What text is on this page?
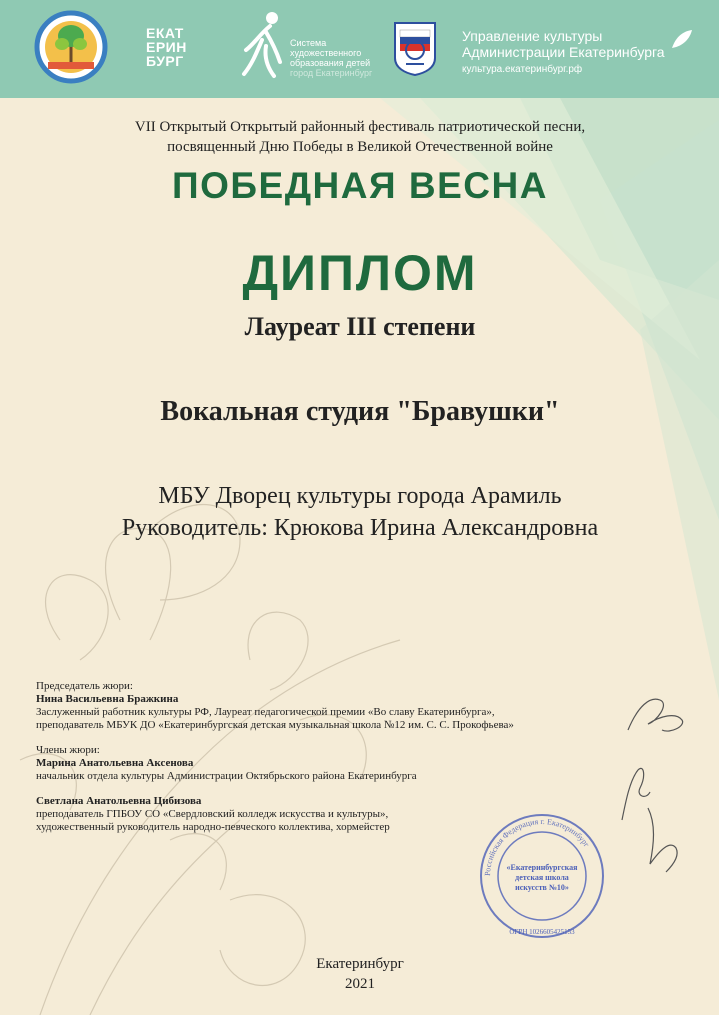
ЕКАТ
ЕРИН
БУРГ
Система
художественного
образования детей
город Екатеринбург
Управление культуры
Администрации Екатеринбурга
культура.екатеринбург.рф
VII Открытый Открытый районный фестиваль патриотической песни,
посвященный Дню Победы в Великой Отечественной войне
ПОБЕДНАЯ ВЕСНА
ДИПЛОМ
Лауреат III степени
Вокальная студия "Бравушки"
МБУ Дворец культуры города Арамиль
Руководитель: Крюкова Ирина Александровна
Председатель жюри:
Нина Васильевна Бражкина
Заслуженный работник культуры РФ, Лауреат педагогической премии «Во славу Екатеринбурга»,
преподаватель МБУК ДО «Екатеринбургская детская музыкальная школа №12 им. С. С. Прокофьева»
Члены жюри:
Марина Анатольевна Аксенова
начальник отдела культуры Администрации Октябрьского района Екатеринбурга
Светлана Анатольевна Цибизова
преподаватель ГПБОУ СО «Свердловский колледж искусства и культуры»,
художественный руководитель народно-певческого коллектива, хормейстер
Российская Федерация г. Екатеринбург
«Екатеринбургская
детская школа
искусств №10»
ОГРН 1026605425153
Екатеринбург
2021
